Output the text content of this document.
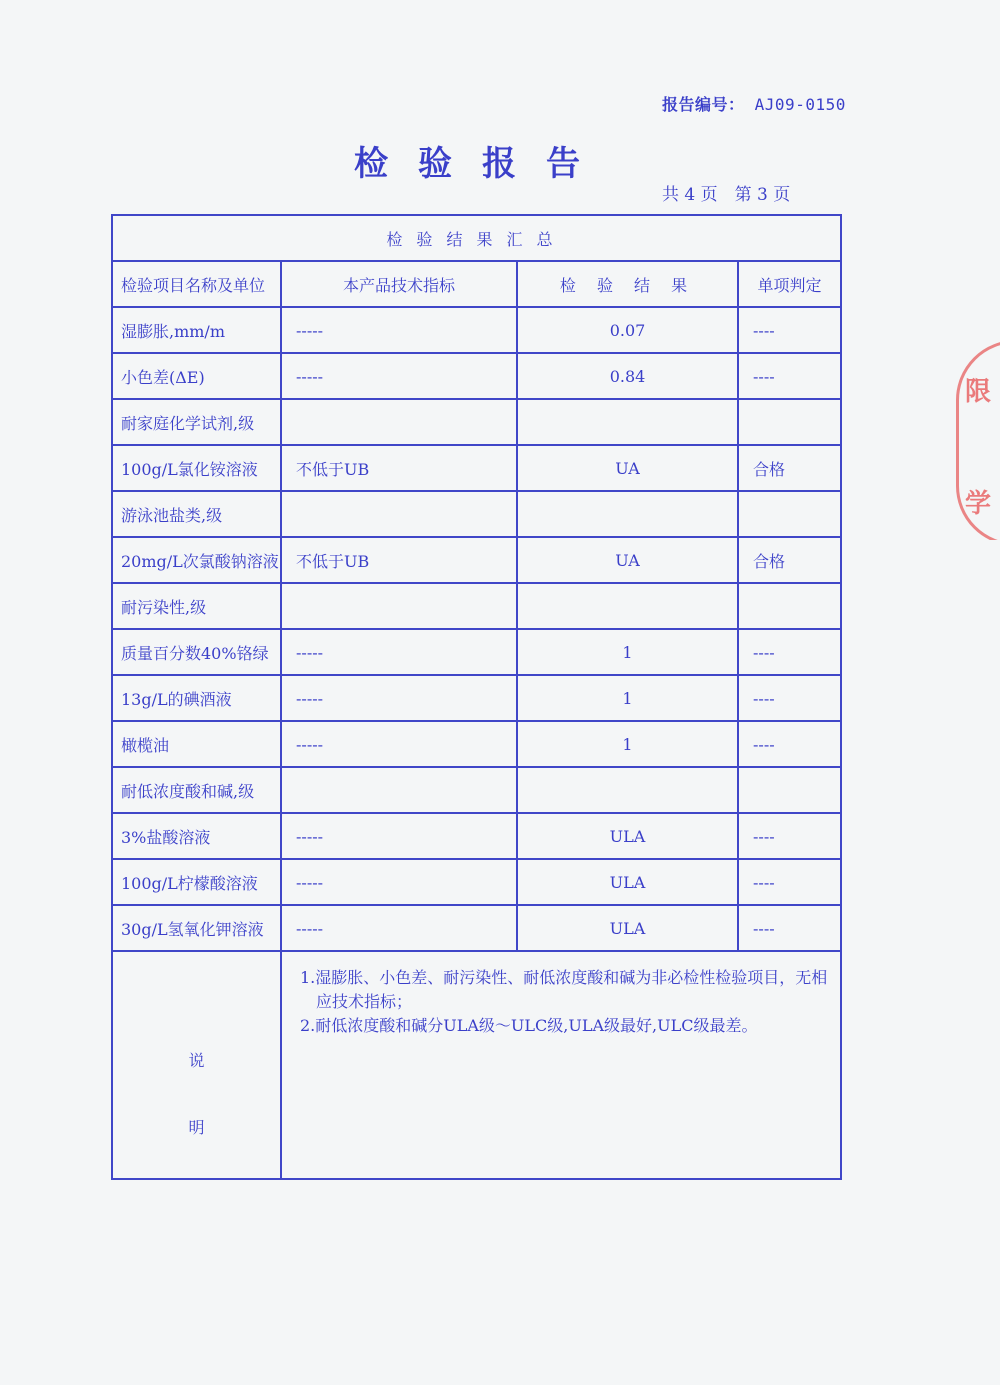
报告编号： AJ09-0150
检验报告
共 4 页　第 3 页
检验结果汇总			
检验项目名称及单位	本产品技术指标	检 验 结 果	单项判定
湿膨胀,mm/m	-----	0.07	----
小色差(ΔE)	-----	0.84	----
耐家庭化学试剂,级			
100g/L氯化铵溶液	不低于UB	UA	合格
游泳池盐类,级			
20mg/L次氯酸钠溶液	不低于UB	UA	合格
耐污染性,级			
质量百分数40%铬绿	-----	1	----
13g/L的碘酒液	-----	1	----
橄榄油	-----	1	----
耐低浓度酸和碱,级			
3%盐酸溶液	-----	ULA	----
100g/L柠檬酸溶液	-----	ULA	----
30g/L氢氧化钾溶液	-----	ULA	----

说
明	1.湿膨胀、小色差、耐污染性、耐低浓度酸和碱为非必检性检验项目，无相
应技术指标；
2.耐低浓度酸和碱分ULA级～ULC级,ULA级最好,ULC级最差。		
限
学
